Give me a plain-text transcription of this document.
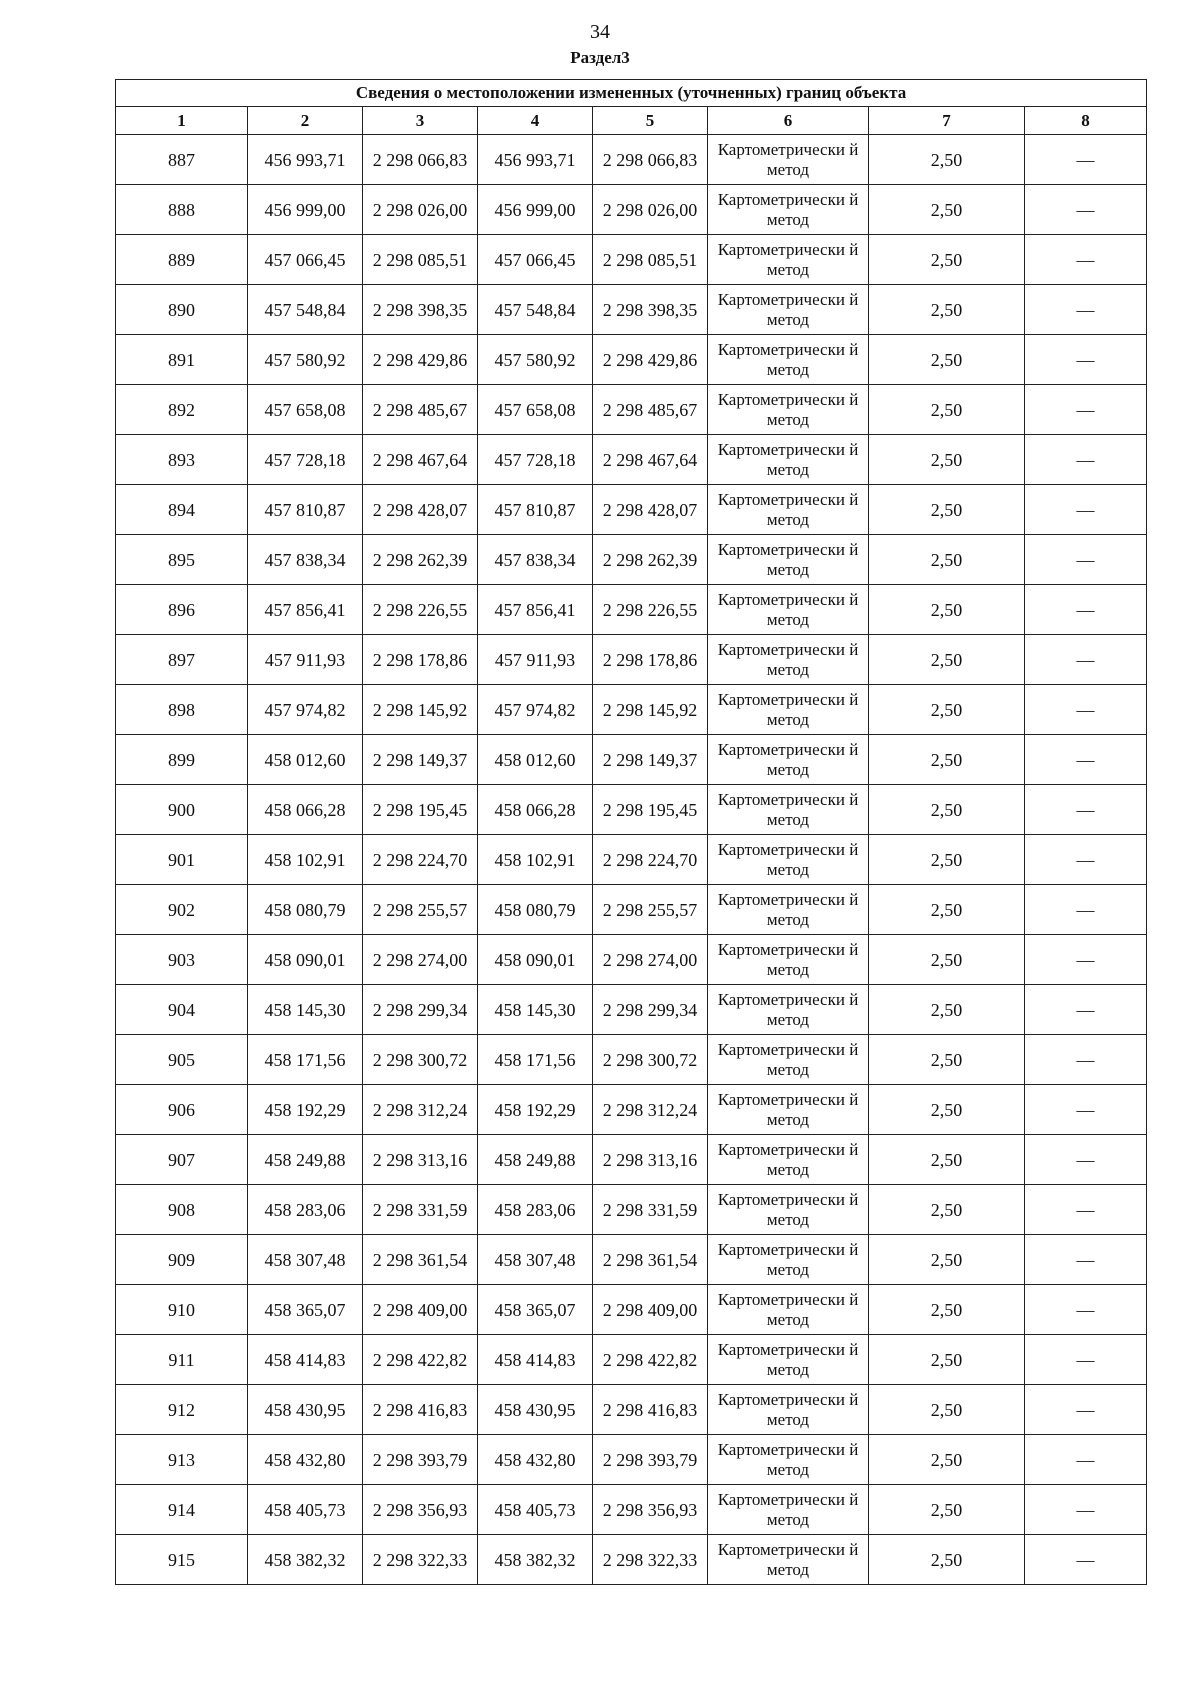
34
Раздел3
Сведения о местоположении измененных (уточненных) границ объекта							
1	2	3	4	5	6	7	8
887	456 993,71	2 298 066,83	456 993,71	2 298 066,83	Картометрически й метод	2,50	—
888	456 999,00	2 298 026,00	456 999,00	2 298 026,00	Картометрически й метод	2,50	—
889	457 066,45	2 298 085,51	457 066,45	2 298 085,51	Картометрически й метод	2,50	—
890	457 548,84	2 298 398,35	457 548,84	2 298 398,35	Картометрически й метод	2,50	—
891	457 580,92	2 298 429,86	457 580,92	2 298 429,86	Картометрически й метод	2,50	—
892	457 658,08	2 298 485,67	457 658,08	2 298 485,67	Картометрически й метод	2,50	—
893	457 728,18	2 298 467,64	457 728,18	2 298 467,64	Картометрически й метод	2,50	—
894	457 810,87	2 298 428,07	457 810,87	2 298 428,07	Картометрически й метод	2,50	—
895	457 838,34	2 298 262,39	457 838,34	2 298 262,39	Картометрически й метод	2,50	—
896	457 856,41	2 298 226,55	457 856,41	2 298 226,55	Картометрически й метод	2,50	—
897	457 911,93	2 298 178,86	457 911,93	2 298 178,86	Картометрически й метод	2,50	—
898	457 974,82	2 298 145,92	457 974,82	2 298 145,92	Картометрически й метод	2,50	—
899	458 012,60	2 298 149,37	458 012,60	2 298 149,37	Картометрически й метод	2,50	—
900	458 066,28	2 298 195,45	458 066,28	2 298 195,45	Картометрически й метод	2,50	—
901	458 102,91	2 298 224,70	458 102,91	2 298 224,70	Картометрически й метод	2,50	—
902	458 080,79	2 298 255,57	458 080,79	2 298 255,57	Картометрически й метод	2,50	—
903	458 090,01	2 298 274,00	458 090,01	2 298 274,00	Картометрически й метод	2,50	—
904	458 145,30	2 298 299,34	458 145,30	2 298 299,34	Картометрически й метод	2,50	—
905	458 171,56	2 298 300,72	458 171,56	2 298 300,72	Картометрически й метод	2,50	—
906	458 192,29	2 298 312,24	458 192,29	2 298 312,24	Картометрически й метод	2,50	—
907	458 249,88	2 298 313,16	458 249,88	2 298 313,16	Картометрически й метод	2,50	—
908	458 283,06	2 298 331,59	458 283,06	2 298 331,59	Картометрически й метод	2,50	—
909	458 307,48	2 298 361,54	458 307,48	2 298 361,54	Картометрически й метод	2,50	—
910	458 365,07	2 298 409,00	458 365,07	2 298 409,00	Картометрически й метод	2,50	—
911	458 414,83	2 298 422,82	458 414,83	2 298 422,82	Картометрически й метод	2,50	—
912	458 430,95	2 298 416,83	458 430,95	2 298 416,83	Картометрически й метод	2,50	—
913	458 432,80	2 298 393,79	458 432,80	2 298 393,79	Картометрически й метод	2,50	—
914	458 405,73	2 298 356,93	458 405,73	2 298 356,93	Картометрически й метод	2,50	—
915	458 382,32	2 298 322,33	458 382,32	2 298 322,33	Картометрически й метод	2,50	—
